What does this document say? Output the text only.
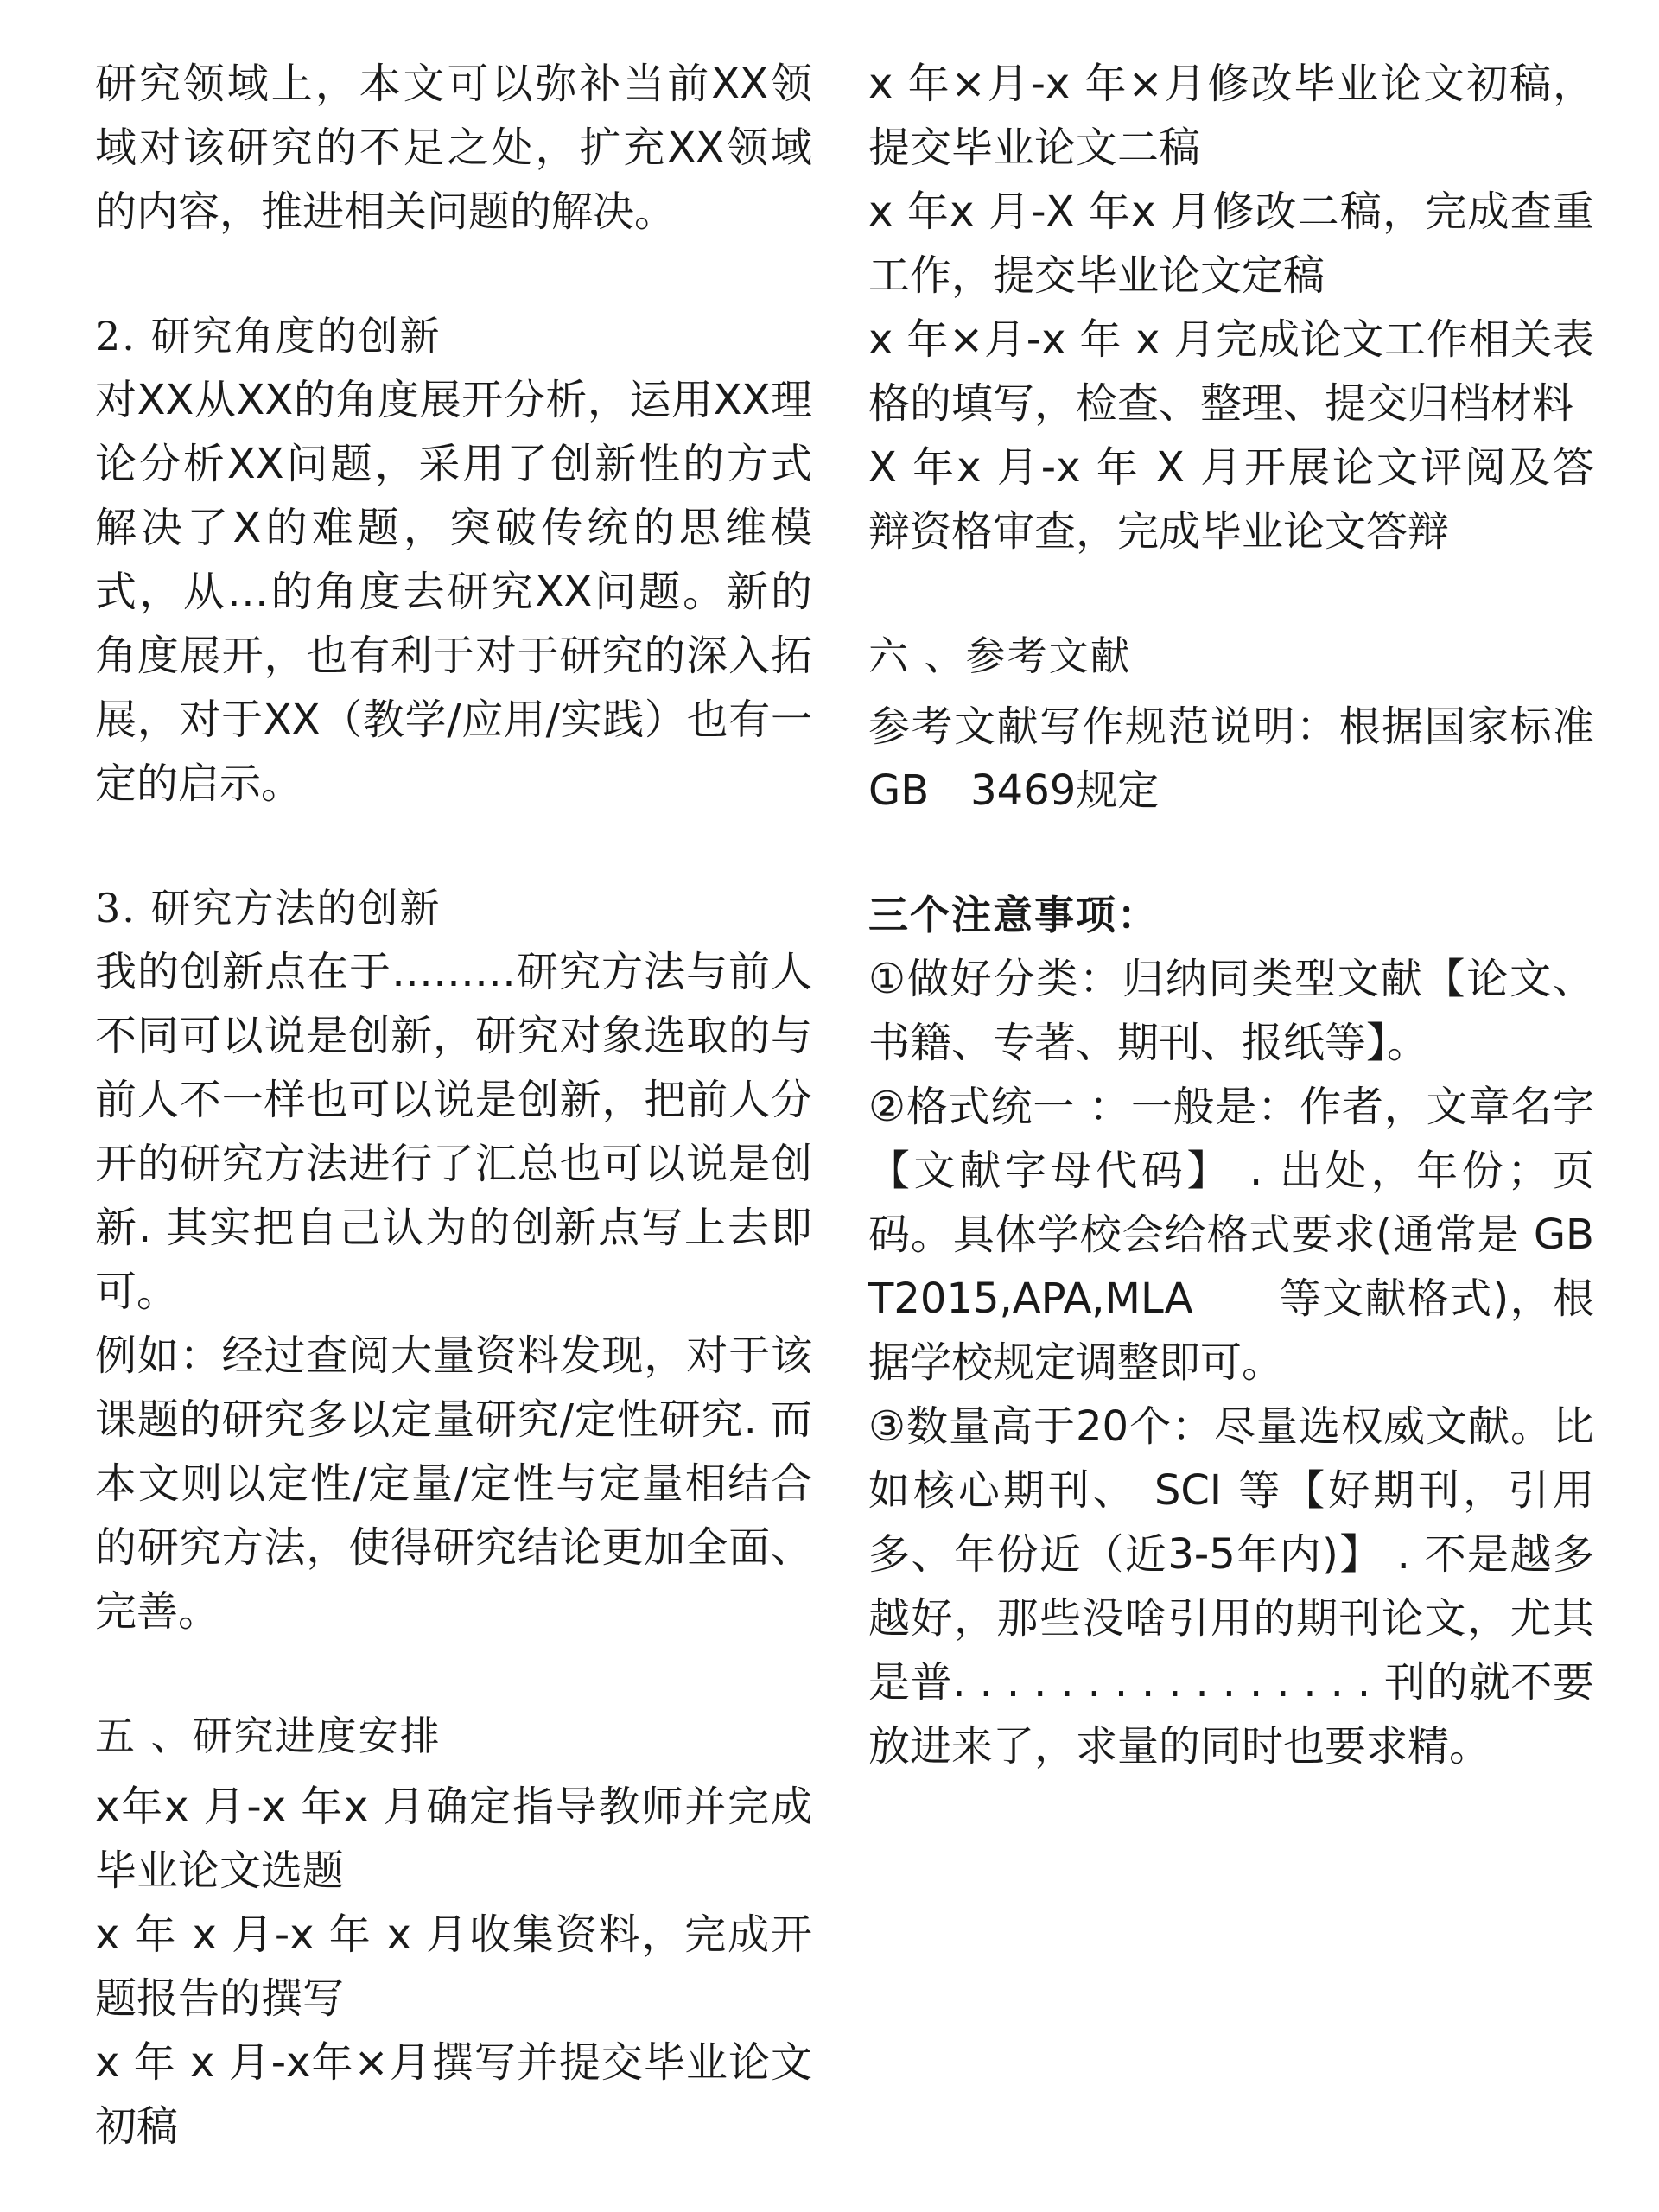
研究领域上，本文可以弥补当前XX领域对该研究的不足之处，扩充XX领域的内容，推进相关问题的解决。

2. 研究角度的创新

对XX从XX的角度展开分析，运用XX理论分析XX问题，采用了创新性的方式解决了X的难题，突破传统的思维模式，从…的角度去研究XX问题。新的角度展开，也有利于对于研究的深入拓展，对于XX（教学/应用/实践）也有一定的启示。

3. 研究方法的创新

我的创新点在于………研究方法与前人不同可以说是创新，研究对象选取的与前人不一样也可以说是创新，把前人分开的研究方法进行了汇总也可以说是创新. 其实把自己认为的创新点写上去即可。

例如：经过查阅大量资料发现，对于该课题的研究多以定量研究/定性研究. 而本文则以定性/定量/定性与定量相结合的研究方法，使得研究结论更加全面、完善。

五 、研究进度安排

x年x 月-x 年x 月确定指导教师并完成毕业论文选题

x 年 x 月-x 年 x 月收集资料，完成开题报告的撰写

x 年 x 月-x年×月撰写并提交毕业论文初稿

x 年×月-x 年×月修改毕业论文初稿，提交毕业论文二稿

x 年x 月-X 年x 月修改二稿，完成查重工作，提交毕业论文定稿

x 年×月-x 年 x 月完成论文工作相关表格的填写，检查、整理、提交归档材料

X 年x 月-x 年 X 月开展论文评阅及答辩资格审查，完成毕业论文答辩

六 、参考文献

参考文献写作规范说明：根据国家标准GB　3469规定

三个注意事项：

①做好分类：归纳同类型文献【论文、书籍、专著、期刊、报纸等】。

②格式统一 ：一般是：作者，文章名字【文献字母代码】 . 出处，年份；页码。具体学校会给格式要求(通常是 GBT2015,APA,MLA　　等文献格式)，根据学校规定调整即可。

③数量高于20个：尽量选权威文献。比如核心期刊、 SCI 等【好期刊，引用多、年份近（近3-5年内)】 . 不是越多越好，那些没啥引用的期刊论文，尤其是普. . . . . . . . . . . . . . . . 刊的就不要 放进来了，求量的同时也要求精。
